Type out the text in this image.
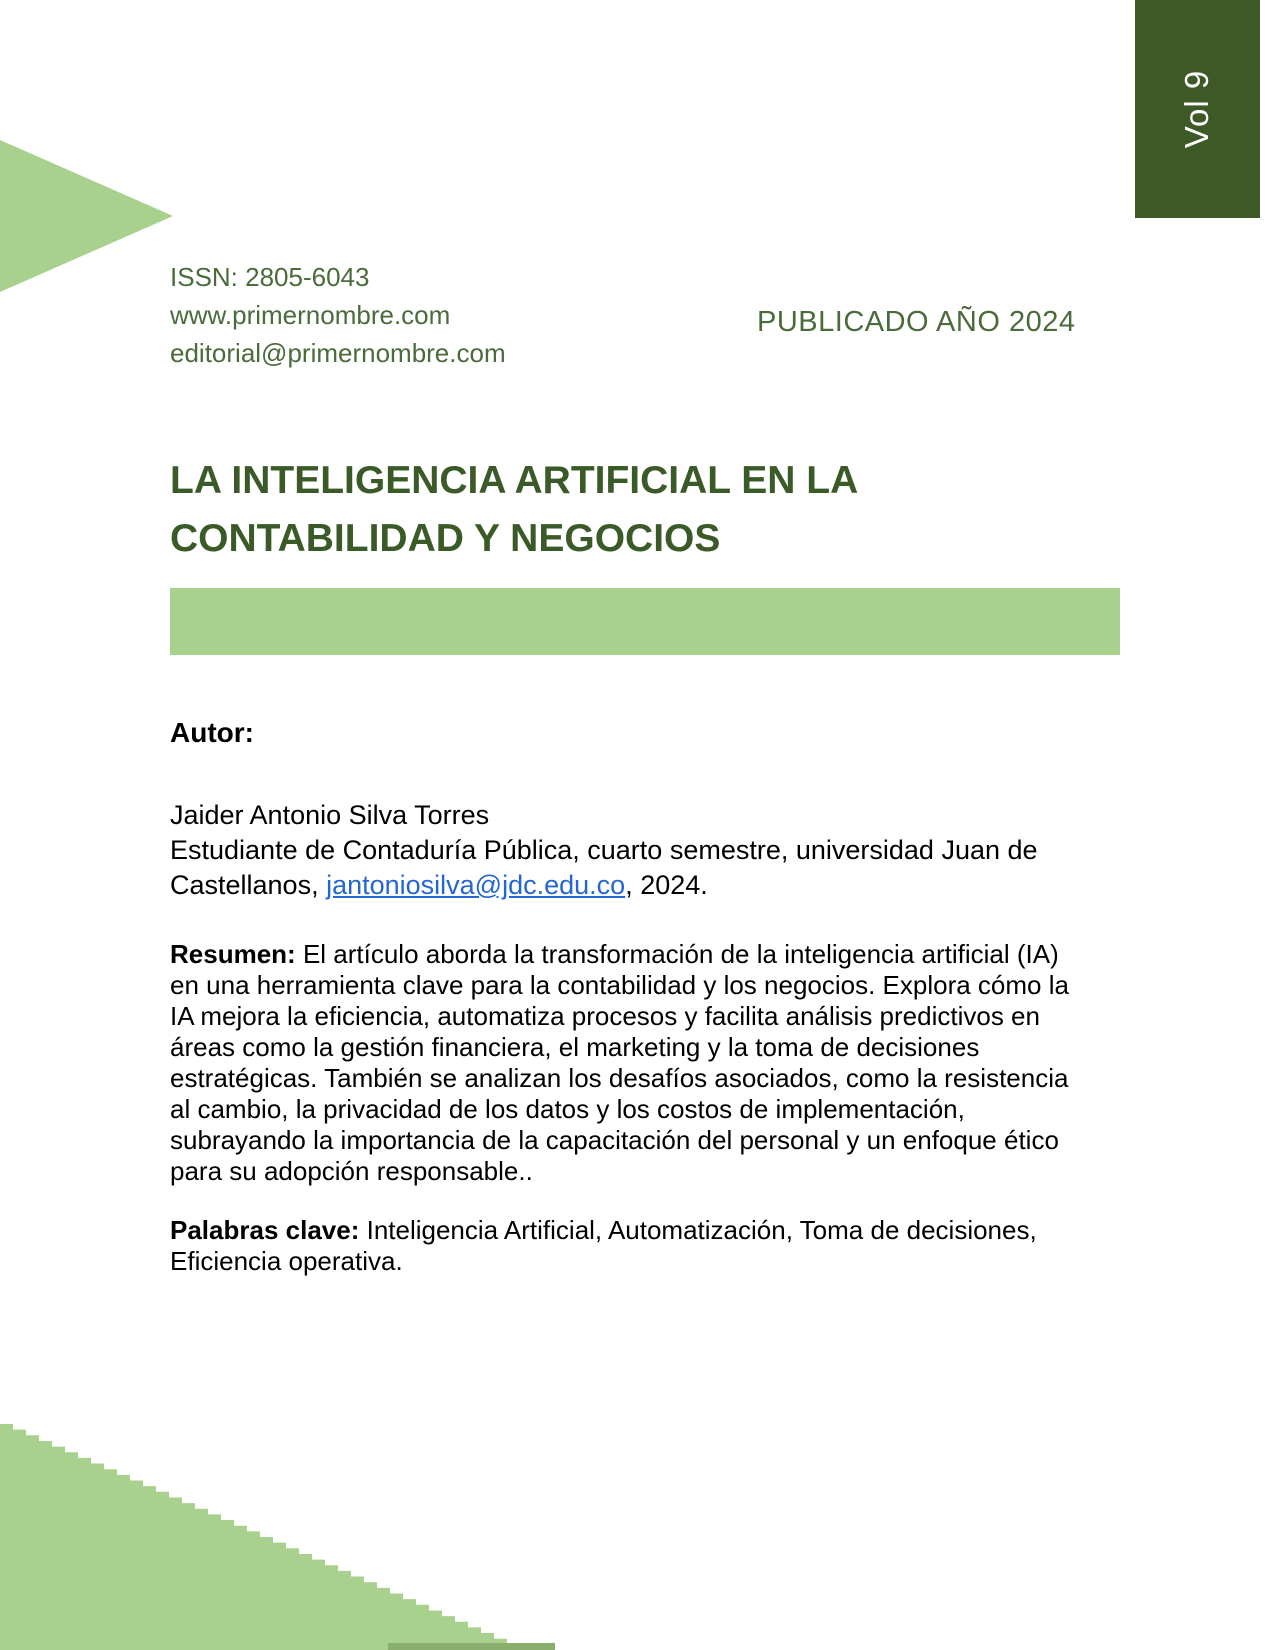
Vol 9
ISSN: 2805-6043
www.primernombre.com
editorial@primernombre.com
PUBLICADO AÑO 2024
LA INTELIGENCIA ARTIFICIAL EN LA CONTABILIDAD Y NEGOCIOS

Autor:

Jaider Antonio Silva Torres
Estudiante de Contaduría Pública, cuarto semestre, universidad Juan de Castellanos, jantoniosilva@jdc.edu.co, 2024.

Resumen: El artículo aborda la transformación de la inteligencia artificial (IA) en una herramienta clave para la contabilidad y los negocios. Explora cómo la IA mejora la eficiencia, automatiza procesos y facilita análisis predictivos en áreas como la gestión financiera, el marketing y la toma de decisiones estratégicas. También se analizan los desafíos asociados, como la resistencia al cambio, la privacidad de los datos y los costos de implementación, subrayando la importancia de la capacitación del personal y un enfoque ético para su adopción responsable..

Palabras clave: Inteligencia Artificial, Automatización, Toma de decisiones, Eficiencia operativa.
